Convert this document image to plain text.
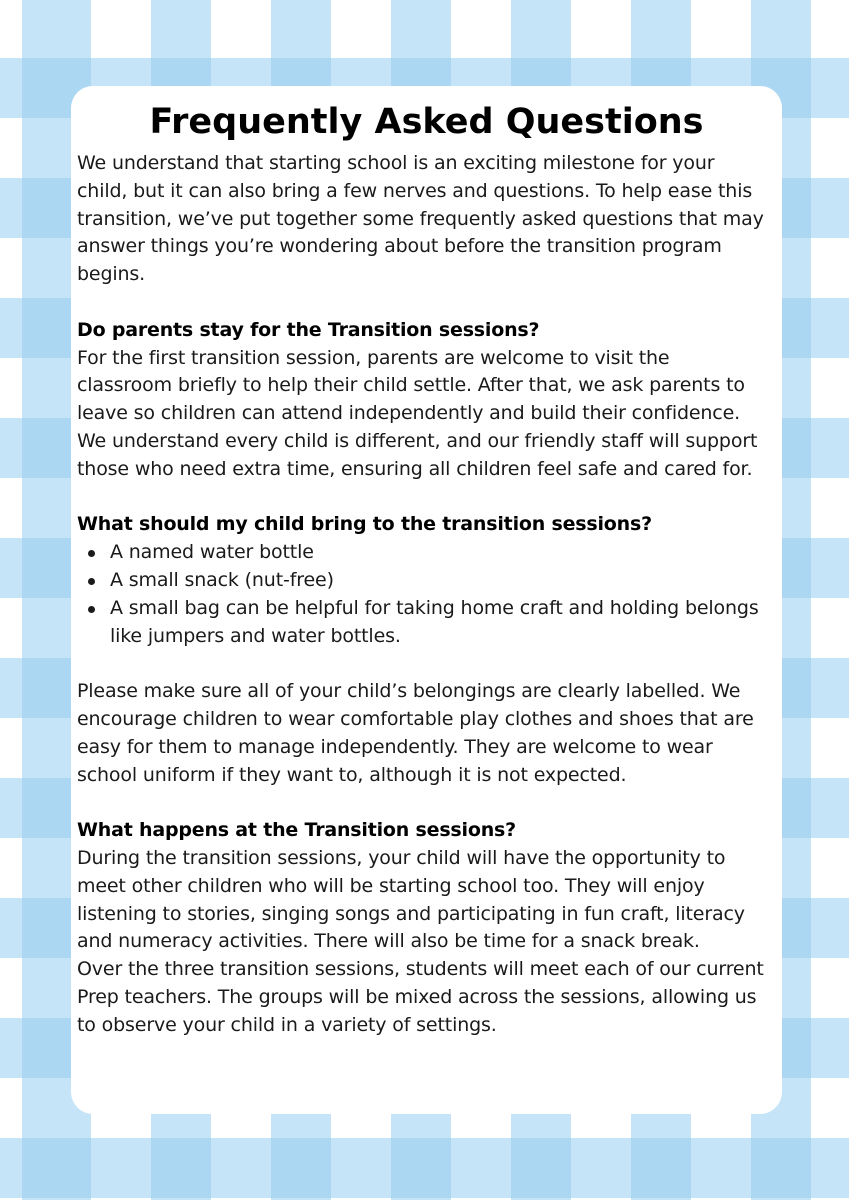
Frequently Asked Questions

We understand that starting school is an exciting milestone for your child, but it can also bring a few nerves and questions. To help ease this transition, we’ve put together some frequently asked questions that may answer things you’re wondering about before the transition program begins.

Do parents stay for the Transition sessions?

For the first transition session, parents are welcome to visit the classroom briefly to help their child settle. After that, we ask parents to leave so children can attend independently and build their confidence. We understand every child is different, and our friendly staff will support those who need extra time, ensuring all children feel safe and cared for.

What should my child bring to the transition sessions?

A named water bottle
A small snack (nut-free)
A small bag can be helpful for taking home craft and holding belongs like jumpers and water bottles.

Please make sure all of your child’s belongings are clearly labelled. We encourage children to wear comfortable play clothes and shoes that are easy for them to manage independently. They are welcome to wear school uniform if they want to, although it is not expected.

What happens at the Transition sessions?

During the transition sessions, your child will have the opportunity to meet other children who will be starting school too. They will enjoy listening to stories, singing songs and participating in fun craft, literacy and numeracy activities. There will also be time for a snack break.

Over the three transition sessions, students will meet each of our current Prep teachers. The groups will be mixed across the sessions, allowing us to observe your child in a variety of settings.
